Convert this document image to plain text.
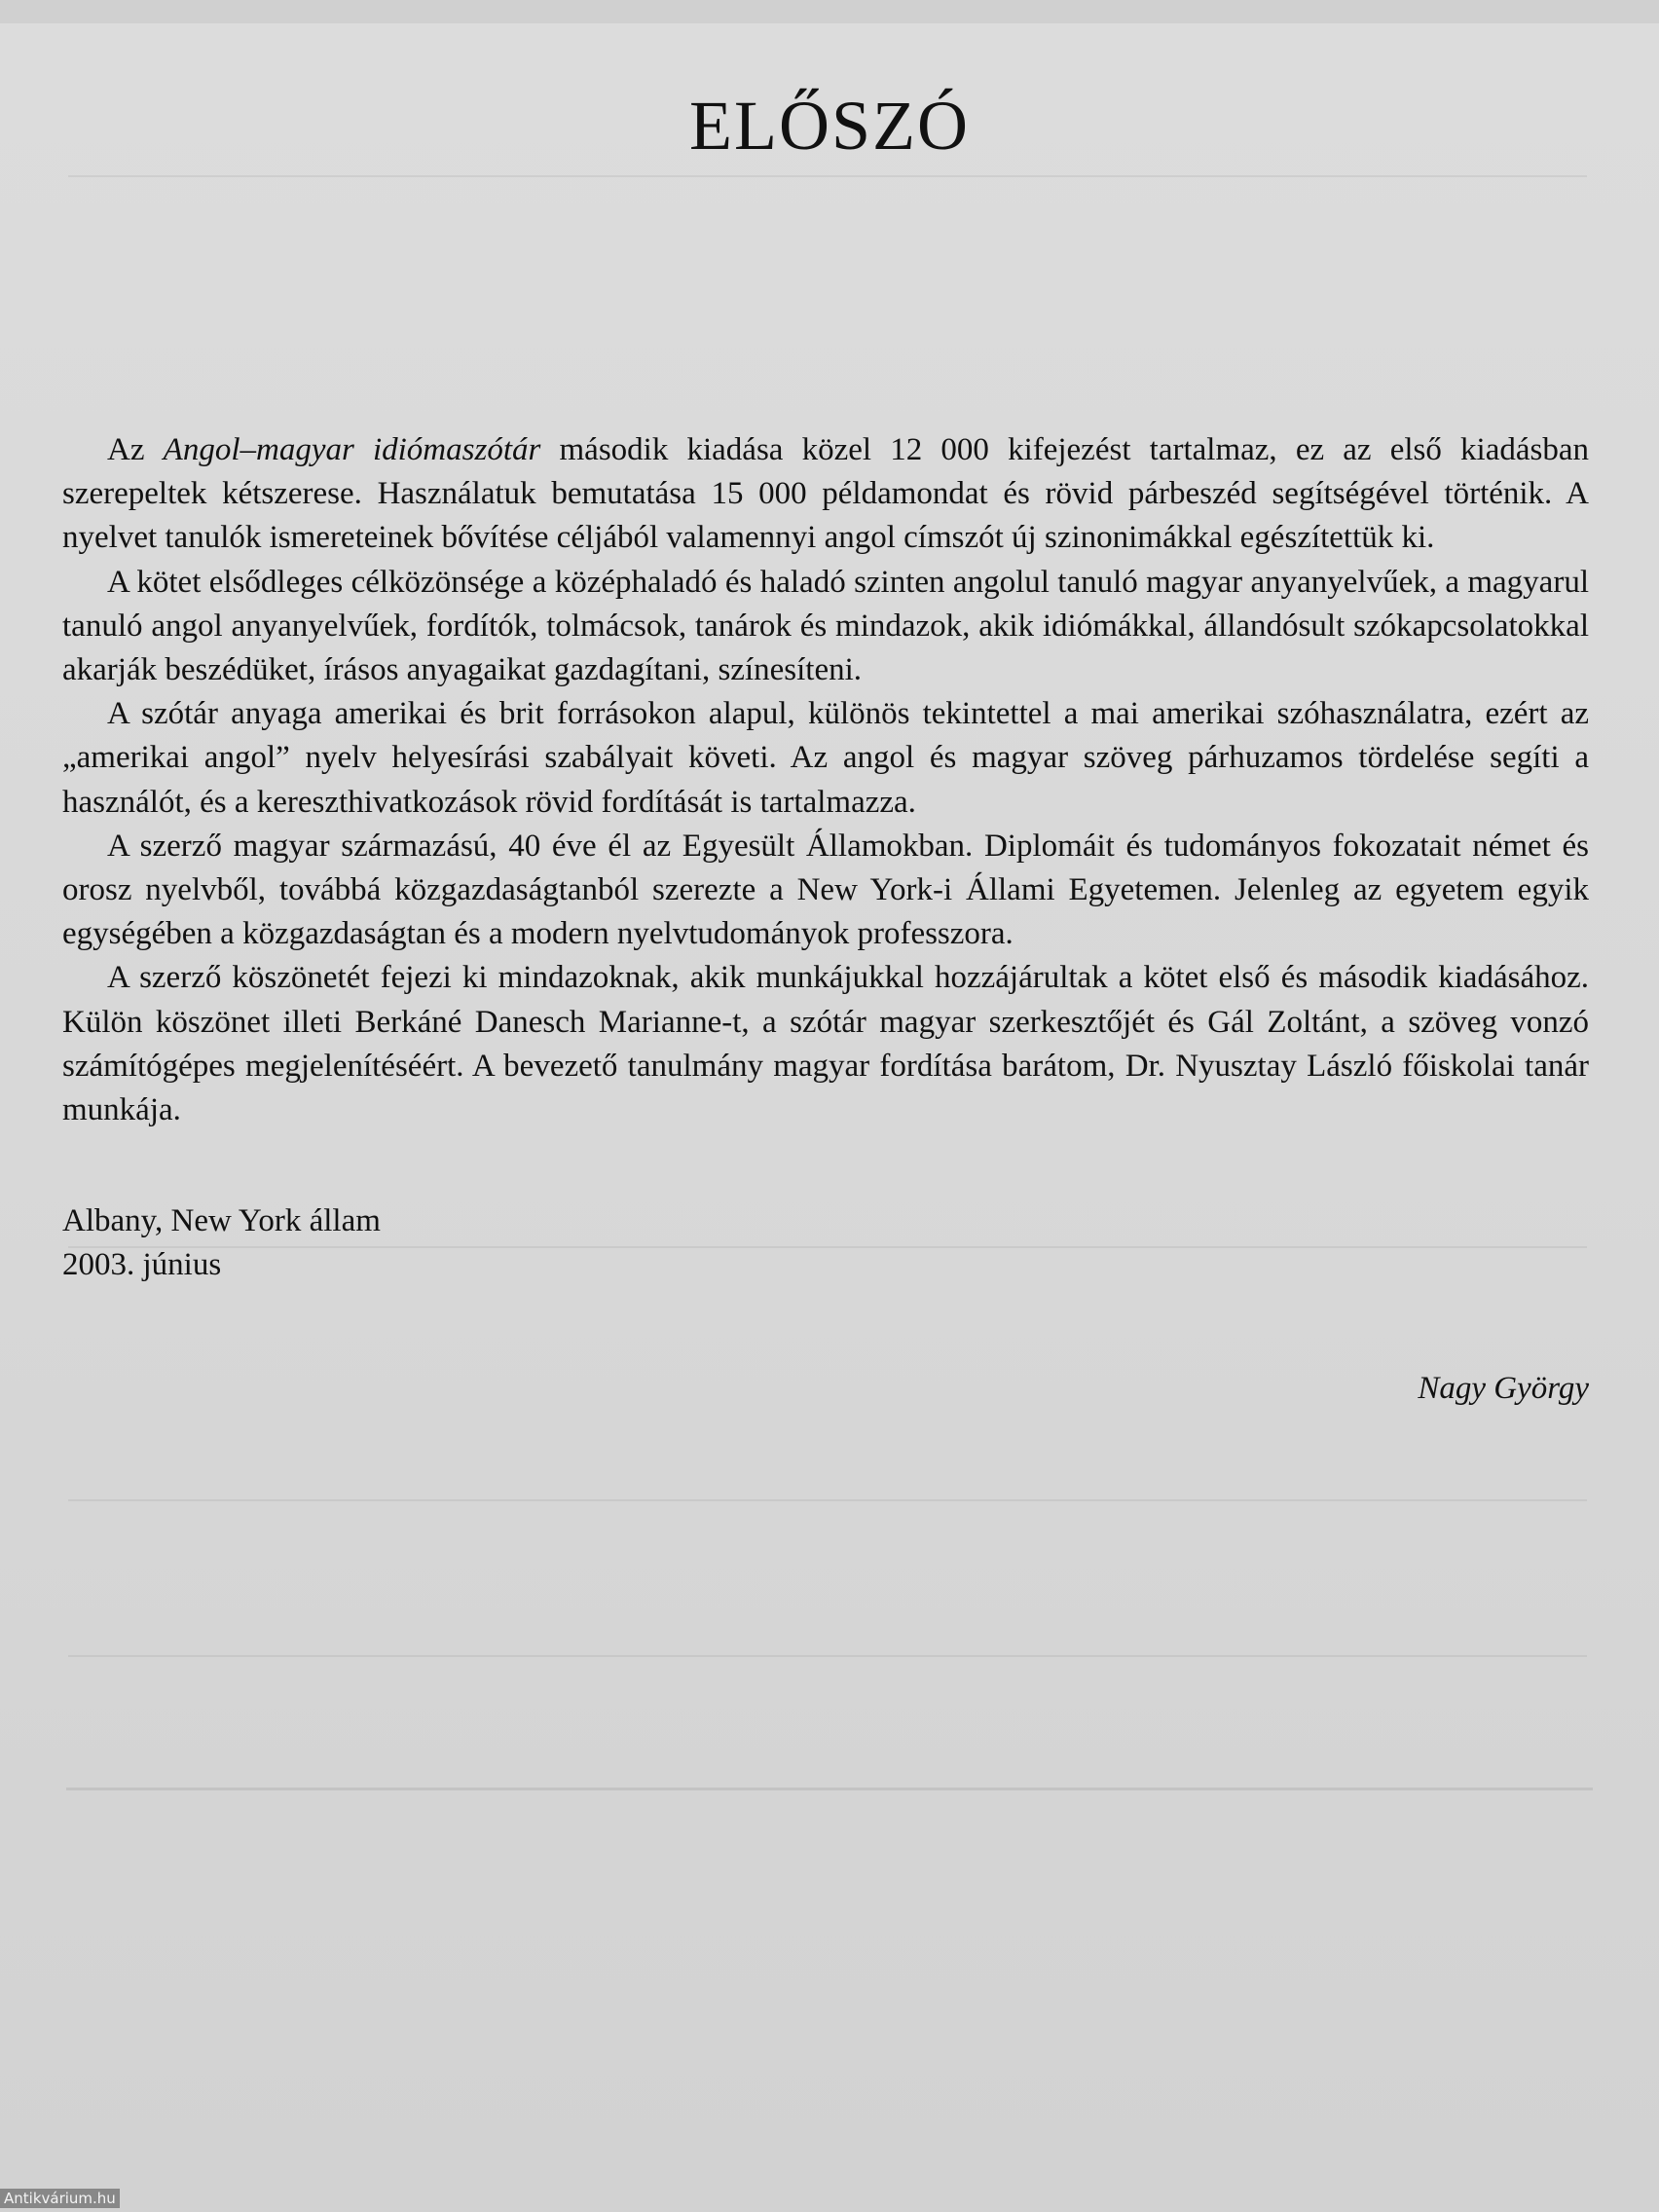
ELŐSZÓ

Az Angol–magyar idiómaszótár második kiadása közel 12 000 kifejezést tartalmaz, ez az első kiadásban szerepeltek kétszerese. Használatuk bemutatása 15 000 példamondat és rövid párbeszéd segítségével történik. A nyelvet tanulók ismereteinek bővítése céljából valamennyi angol címszót új szinonimákkal egészítettük ki.

A kötet elsődleges célközönsége a középhaladó és haladó szinten angolul tanuló magyar anyanyelvűek, a magyarul tanuló angol anyanyelvűek, fordítók, tolmácsok, tanárok és mindazok, akik idiómákkal, állandósult szókapcsolatokkal akarják beszédüket, írásos anyagaikat gazdagítani, színesíteni.

A szótár anyaga amerikai és brit forrásokon alapul, különös tekintettel a mai amerikai szóhasználatra, ezért az „amerikai angol” nyelv helyesírási szabályait követi. Az angol és magyar szöveg párhuzamos tördelése segíti a használót, és a kereszthivatkozások rövid fordítását is tartalmazza.

A szerző magyar származású, 40 éve él az Egyesült Államokban. Diplomáit és tudományos fokozatait német és orosz nyelvből, továbbá közgazdaságtanból szerezte a New York-i Állami Egyetemen. Jelenleg az egyetem egyik egységében a közgazdaságtan és a modern nyelvtudományok professzora.

A szerző köszönetét fejezi ki mindazoknak, akik munkájukkal hozzájárultak a kötet első és második kiadásához. Külön köszönet illeti Berkáné Danesch Marianne-t, a szótár magyar szerkesztőjét és Gál Zoltánt, a szöveg vonzó számítógépes megjelenítéséért. A bevezető tanulmány magyar fordítása barátom, Dr. Nyusztay László főiskolai tanár munkája.

Albany, New York állam
2003. június
Nagy György
Antikvárium.hu
